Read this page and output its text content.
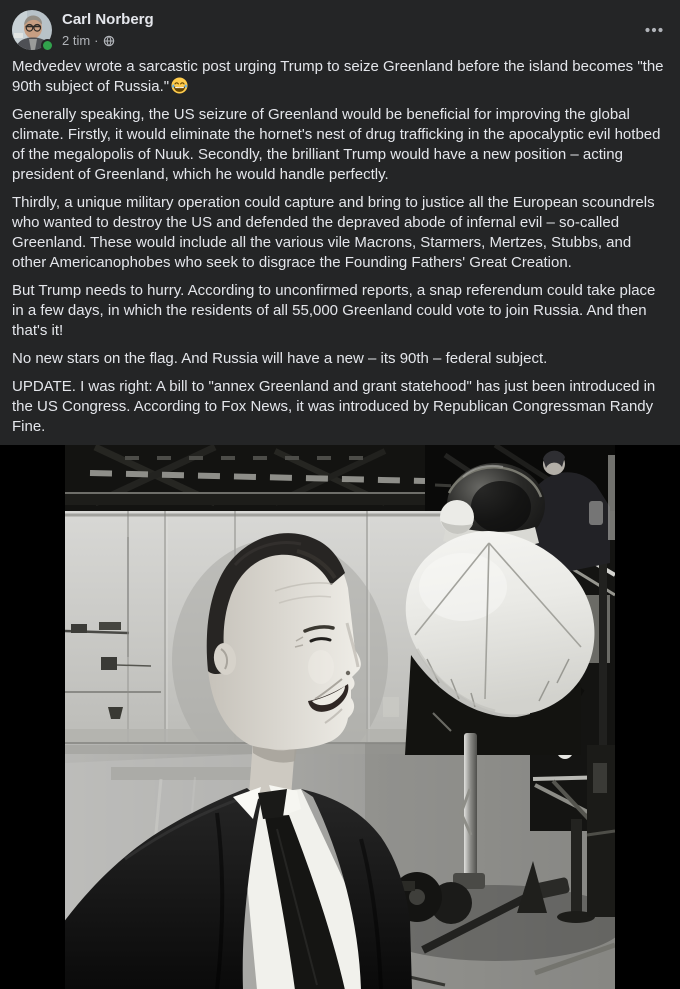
Carl Norberg
2 tim ·

Medvedev wrote a sarcastic post urging Trump to seize Greenland before the island becomes "the 90th subject of Russia."

Generally speaking, the US seizure of Greenland would be beneficial for improving the global climate. Firstly, it would eliminate the hornet's nest of drug trafficking in the apocalyptic evil hotbed of the megalopolis of Nuuk. Secondly, the brilliant Trump would have a new position – acting president of Greenland, which he would handle perfectly.

Thirdly, a unique military operation could capture and bring to justice all the European scoundrels who wanted to destroy the US and defended the depraved abode of infernal evil – so-called Greenland. These would include all the various vile Macrons, Starmers, Mertzes, Stubbs, and other Americanophobes who seek to disgrace the Founding Fathers' Great Creation.

But Trump needs to hurry. According to unconfirmed reports, a snap referendum could take place in a few days, in which the residents of all 55,000 Greenland could vote to join Russia. And then that's it!

No new stars on the flag. And Russia will have a new – its 90th – federal subject.

UPDATE. I was right: A bill to "annex Greenland and grant statehood" has just been introduced in the US Congress. According to Fox News, it was introduced by Republican Congressman Randy Fine.
